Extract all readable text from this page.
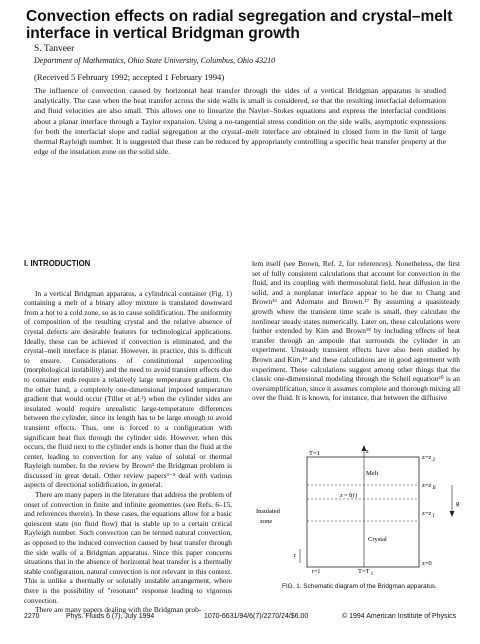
Convection effects on radial segregation and crystal–melt interface in vertical Bridgman growth
S. Tanveer
Department of Mathematics, Ohio State University, Columbus, Ohio 43210
(Received 5 February 1992; accepted 1 February 1994)

The influence of convection caused by horizontal heat transfer through the sides of a vertical Bridgman apparatus is studied analytically. The case when the heat transfer across the side walls is small is considered, so that the resulting interfacial deformation and fluid velocities are also small. This allows one to linearize the Navier–Stokes equations and express the interfacial conditions about a planar interface through a Taylor expansion. Using a no-tangential stress condition on the side walls, asymptotic expressions for both the interfacial slope and radial segregation at the crystal–melt interface are obtained in closed form in the limit of large thermal Rayleigh number. It is suggested that these can be reduced by appropriately controlling a specific heat transfer property at the edge of the insulation zone on the solid side.

I. INTRODUCTION

In a vertical Bridgman apparatus, a cylindrical container (Fig. 1) containing a melt of a binary alloy mixture is translated downward from a hot to a cold zone, so as to cause solidification. The uniformity of composition of the resulting crystal and the relative absence of crystal defects are desirable features for technological applications. Ideally, these can be achieved if convection is eliminated, and the crystal–melt interface is planar. However, in practice, this is difficult to ensure. Considerations of constitutional supercooling (morphological instability) and the need to avoid transient effects due to container ends require a relatively large temperature gradient. On the other hand, a completely one-dimensional imposed temperature gradient that would occur (Tiller et al.¹) when the cylinder sides are insulated would require unrealistic large-temperature differences between the cylinder, since its length has to be large enough to avoid transient effects. Thus, one is forced to a configuration with significant heat flux through the cylinder side. However, when this occurs, the fluid next to the cylinder ends is hotter than the fluid at the center, leading to convection for any value of solutal or thermal Rayleigh number. In the review by Brown² the Bridgman problem is discussed in great detail. Other review papers³⁻⁵ deal with various aspects of directional solidification, in general.

There are many papers in the literature that address the problem of onset of convection in finite and infinite geometries (see Refs. 6–15, and references therein). In these cases, the equations allow for a basic quiescent state (no fluid flow) that is stable up to a certain critical Rayleigh number. Such convection can be termed natural convection, as opposed to the induced convection caused by heat transfer through the side walls of a Bridgman apparatus. Since this paper concerns situations that in the absence of horizontal heat transfer is a thermally stable configuration, natural convection is not relevant in this context. This is unlike a thermally or solutally unstable arrangement, where there is the possibility of "resonant" response leading to vigorous convection.

There are many papers dealing with the Bridgman prob-

lem itself (see Brown, Ref. 2, for references). Nonetheless, the first set of fully consistent calculations that account for convection in the fluid, and its coupling with thermosolutal field, heat diffusion in the solid, and a nonplanar interface appear to be due to Chang and Brown¹⁶ and Adornato and Brown.¹⁷ By assuming a quasisteady growth where the transient time scale is small, they calculate the nonlinear steady states numerically. Later on, these calculations were further extended by Kim and Brown¹⁸ by including effects of heat transfer through an ampoule that surrounds the cylinder in an experiment. Unsteady transient effects have also been studied by Brown and Kim,¹⁹ and these calculations are in good agreement with experiment. These calculations suggest among other things that the classic one-dimensional modeling through the Scheil equation²⁰ is an oversimplification, since it assumes complete and thorough mixing all over the fluid. It is known, for instance, that between the diffusive

T=1	z
$z=z_2$
Melt
z = f(r)
$z=z_{II}$
$z=z_I$
Insulated
zone
Crystal
g
r
r=1	$T=T_1$
z=0
FIG. 1. Schematic diagram of the Bridgman apparatus.
2270	Phys. Fluids 6 (7), July 1994	1070-6631/94/6(7)/2270/24/$6.00	© 1994 American Institute of Physics
